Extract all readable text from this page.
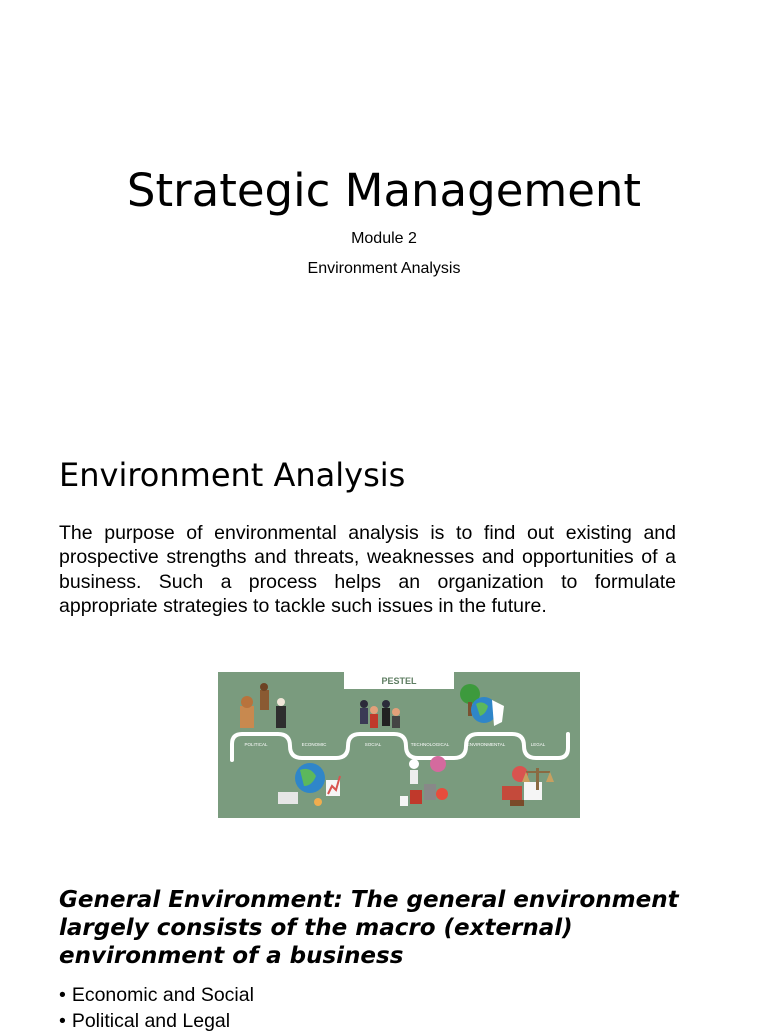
Strategic Management
Module 2
Environment Analysis
Environment Analysis

The purpose of environmental analysis is to find out existing and prospective strengths and threats, weaknesses and opportunities of a business. Such a process helps an organization to formulate appropriate strategies to tackle such issues in the future.

PESTEL
POLITICAL	ECONOMIC	SOCIAL	TECHNOLOGICAL	ENVIRONMENTAL	LEGAL
General Environment: The general environment largely consists of the macro (external) environment of a business
• Economic and Social
• Political and Legal
